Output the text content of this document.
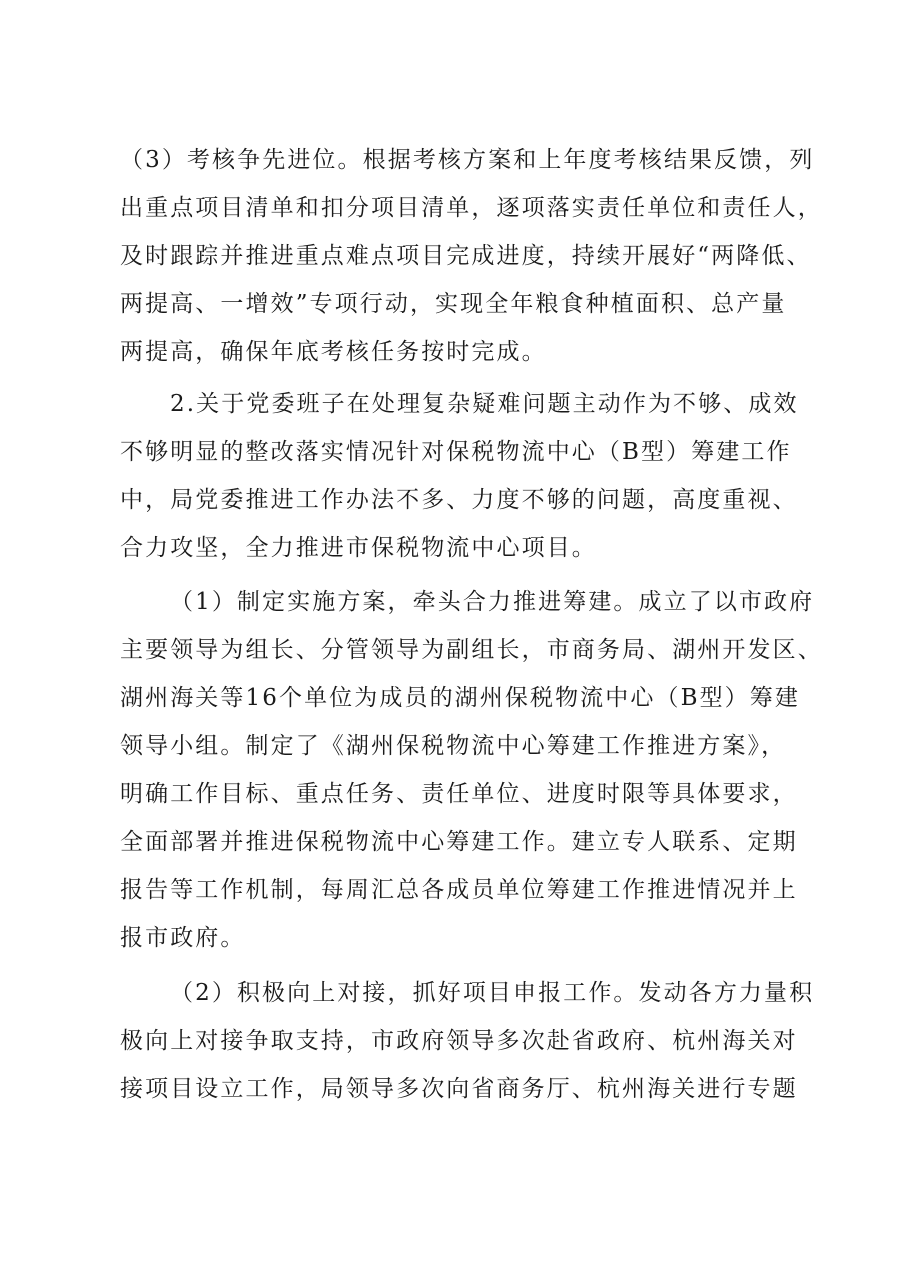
（3）考核争先进位。根据考核方案和上年度考核结果反馈，列

出重点项目清单和扣分项目清单，逐项落实责任单位和责任人，

及时跟踪并推进重点难点项目完成进度，持续开展好“两降低、

两提高、一增效”专项行动，实现全年粮食种植面积、总产量

两提高，确保年底考核任务按时完成。

2.关于党委班子在处理复杂疑难问题主动作为不够、成效

不够明显的整改落实情况针对保税物流中心（B型）筹建工作

中，局党委推进工作办法不多、力度不够的问题，高度重视、

合力攻坚，全力推进市保税物流中心项目。

（1）制定实施方案，牵头合力推进筹建。成立了以市政府

主要领导为组长、分管领导为副组长，市商务局、湖州开发区、

湖州海关等16个单位为成员的湖州保税物流中心（B型）筹建

领导小组。制定了《湖州保税物流中心筹建工作推进方案》，

明确工作目标、重点任务、责任单位、进度时限等具体要求，

全面部署并推进保税物流中心筹建工作。建立专人联系、定期

报告等工作机制，每周汇总各成员单位筹建工作推进情况并上

报市政府。

（2）积极向上对接，抓好项目申报工作。发动各方力量积

极向上对接争取支持，市政府领导多次赴省政府、杭州海关对

接项目设立工作，局领导多次向省商务厅、杭州海关进行专题
